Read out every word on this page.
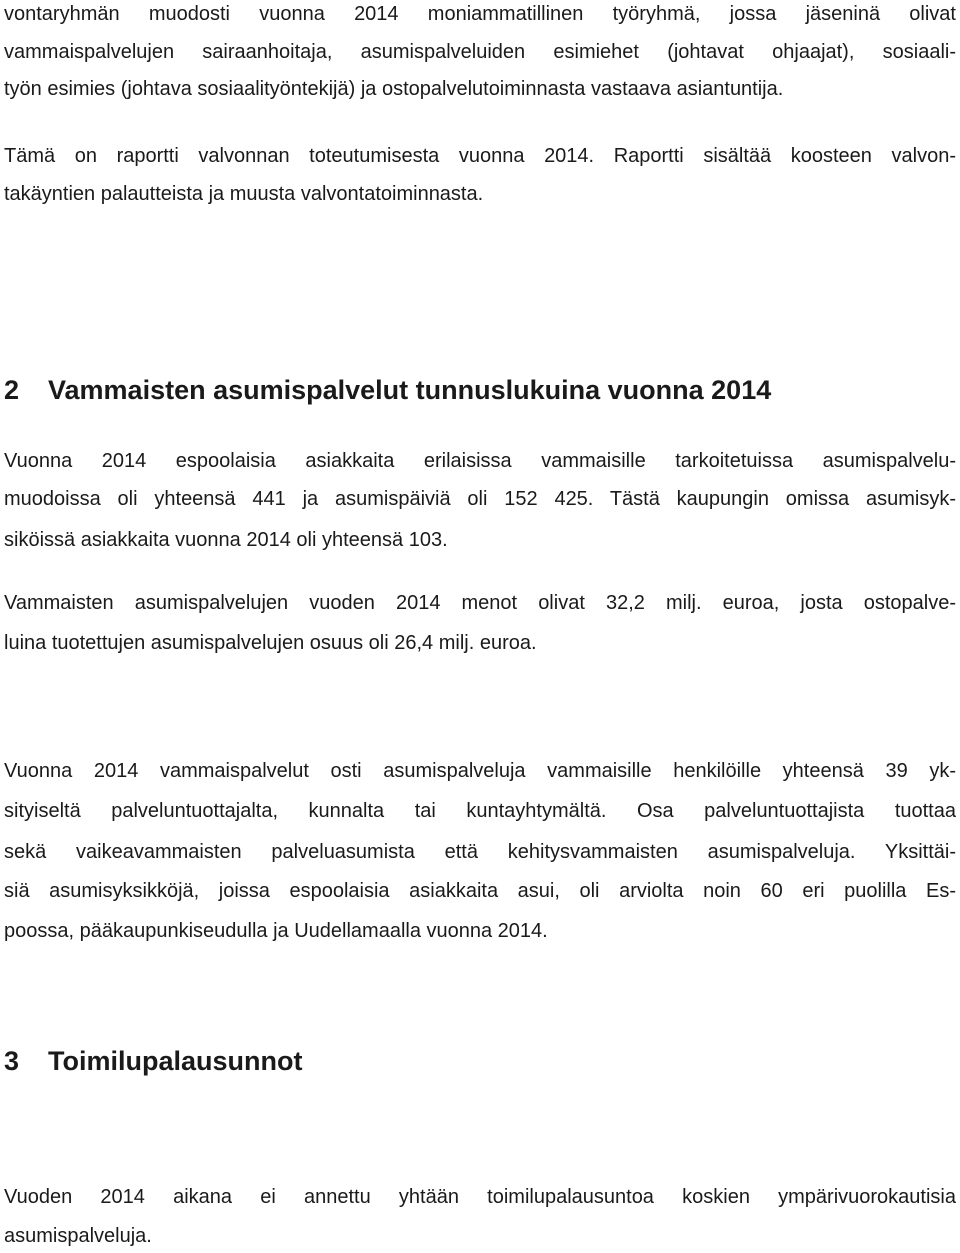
vontaryhmän muodosti vuonna 2014 moniammatillinen työryhmä, jossa jäseninä olivat
vammaispalvelujen sairaanhoitaja, asumispalveluiden esimiehet (johtavat ohjaajat), sosiaali-
työn esimies (johtava sosiaalityöntekijä) ja ostopalvelutoiminnasta vastaava asiantuntija.
Tämä on raportti valvonnan toteutumisesta vuonna 2014. Raportti sisältää koosteen valvon-
takäyntien palautteista ja muusta valvontatoiminnasta.
2 Vammaisten asumispalvelut tunnuslukuina vuonna 2014
Vuonna 2014 espoolaisia asiakkaita erilaisissa vammaisille tarkoitetuissa asumispalvelu-
muodoissa oli yhteensä 441 ja asumispäiviä oli 152 425. Tästä kaupungin omissa asumisyk-
siköissä asiakkaita vuonna 2014 oli yhteensä 103.
Vammaisten asumispalvelujen vuoden 2014 menot olivat 32,2 milj. euroa, josta ostopalve-
luina tuotettujen asumispalvelujen osuus oli 26,4 milj. euroa.
Vuonna 2014 vammaispalvelut osti asumispalveluja vammaisille henkilöille yhteensä 39 yk-
sityiseltä palveluntuottajalta, kunnalta tai kuntayhtymältä. Osa palveluntuottajista tuottaa
sekä vaikeavammaisten palveluasumista että kehitysvammaisten asumispalveluja. Yksittäi-
siä asumisyksikköjä, joissa espoolaisia asiakkaita asui, oli arviolta noin 60 eri puolilla Es-
poossa, pääkaupunkiseudulla ja Uudellamaalla vuonna 2014.
3 Toimilupalausunnot
Vuoden 2014 aikana ei annettu yhtään toimilupalausuntoa koskien ympärivuorokautisia
asumispalveluja.
